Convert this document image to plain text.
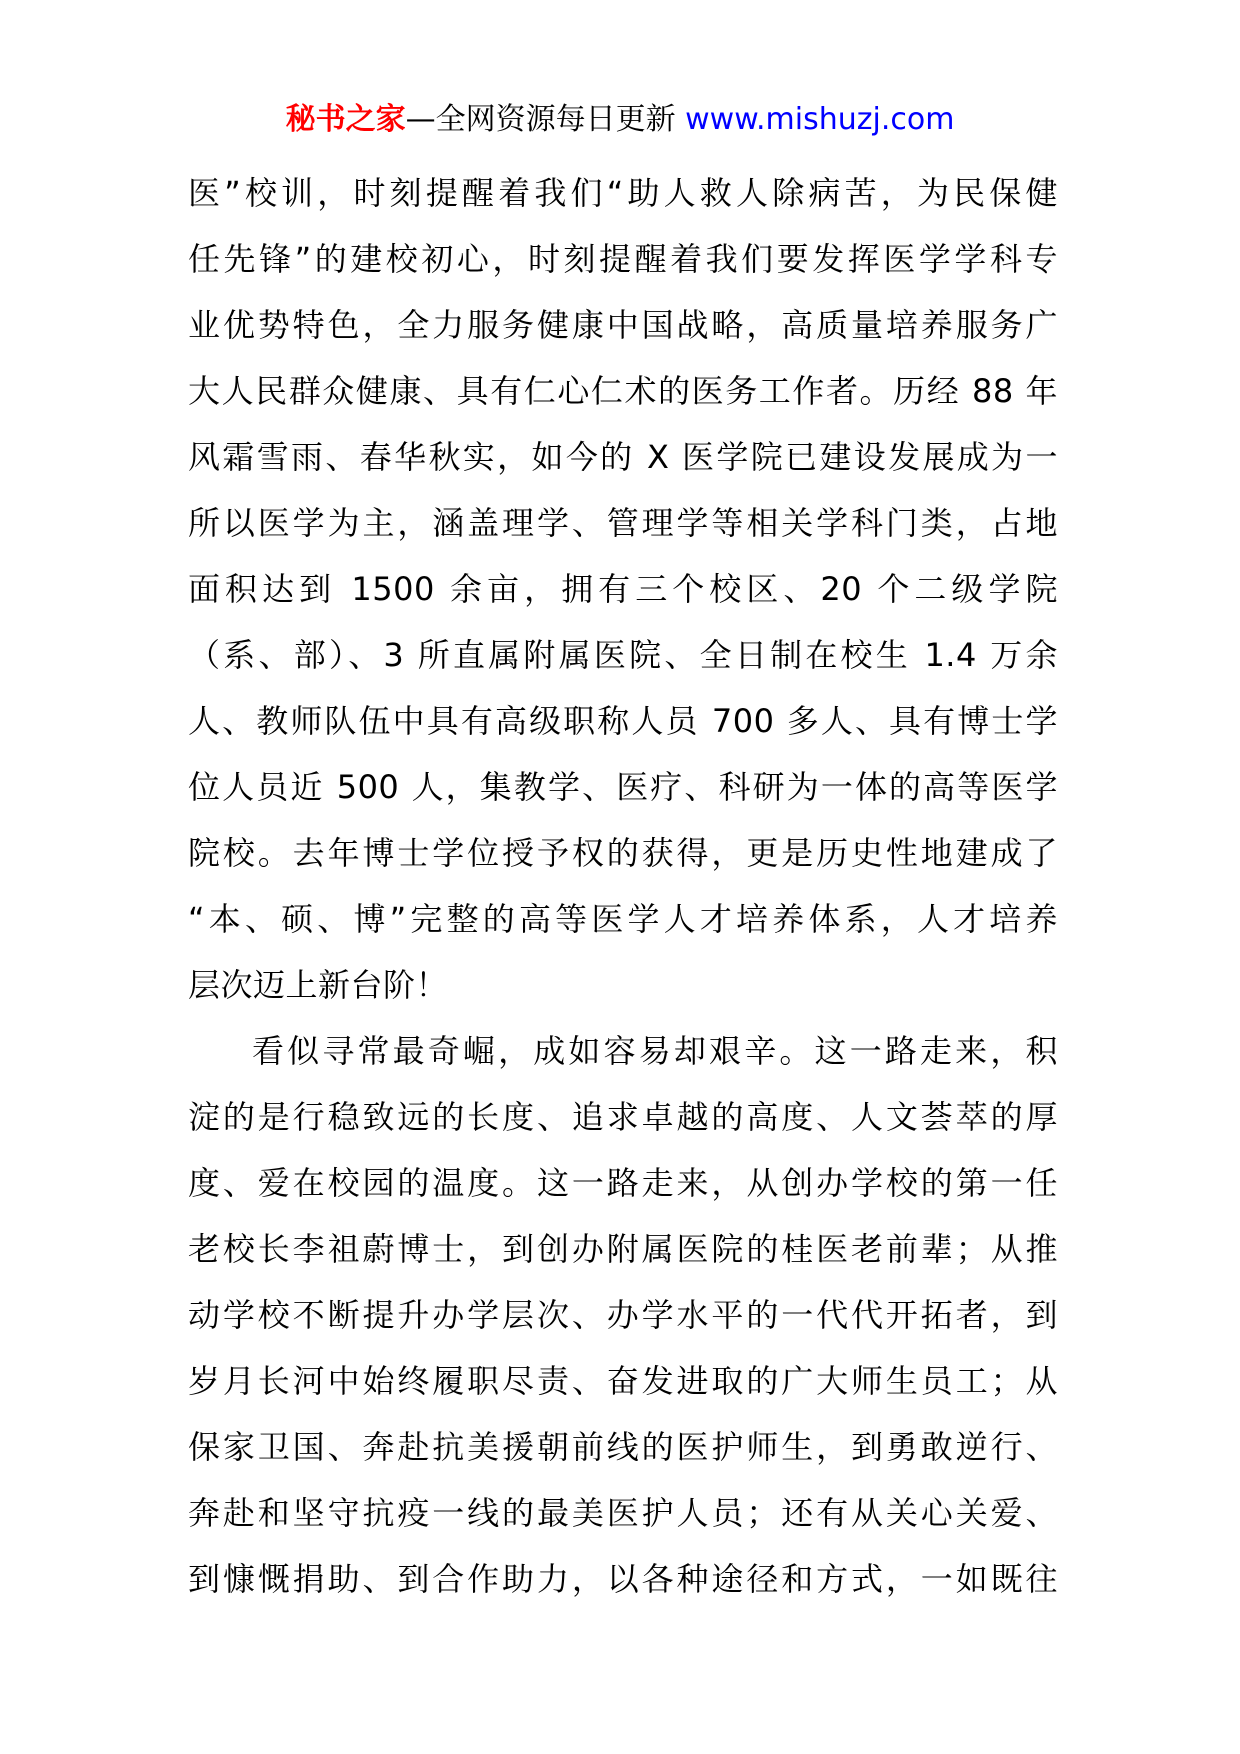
秘书之家—全网资源每日更新 www.mishuzj.com
医”校训，时刻提醒着我们“助人救人除病苦，为民保健
任先锋”的建校初心，时刻提醒着我们要发挥医学学科专
业优势特色，全力服务健康中国战略，高质量培养服务广
大人民群众健康、具有仁心仁术的医务工作者。历经 88 年
风霜雪雨、春华秋实，如今的 X 医学院已建设发展成为一
所以医学为主，涵盖理学、管理学等相关学科门类，占地
面积达到 1500 余亩，拥有三个校区、20 个二级学院
（系、部）、3 所直属附属医院、全日制在校生 1.4 万余
人、教师队伍中具有高级职称人员 700 多人、具有博士学
位人员近 500 人，集教学、医疗、科研为一体的高等医学
院校。去年博士学位授予权的获得，更是历史性地建成了
“本、硕、博”完整的高等医学人才培养体系，人才培养
层次迈上新台阶！
看似寻常最奇崛，成如容易却艰辛。这一路走来，积
淀的是行稳致远的长度、追求卓越的高度、人文荟萃的厚
度、爱在校园的温度。这一路走来，从创办学校的第一任
老校长李祖蔚博士，到创办附属医院的桂医老前辈；从推
动学校不断提升办学层次、办学水平的一代代开拓者，到
岁月长河中始终履职尽责、奋发进取的广大师生员工；从
保家卫国、奔赴抗美援朝前线的医护师生，到勇敢逆行、
奔赴和坚守抗疫一线的最美医护人员；还有从关心关爱、
到慷慨捐助、到合作助力，以各种途径和方式，一如既往
